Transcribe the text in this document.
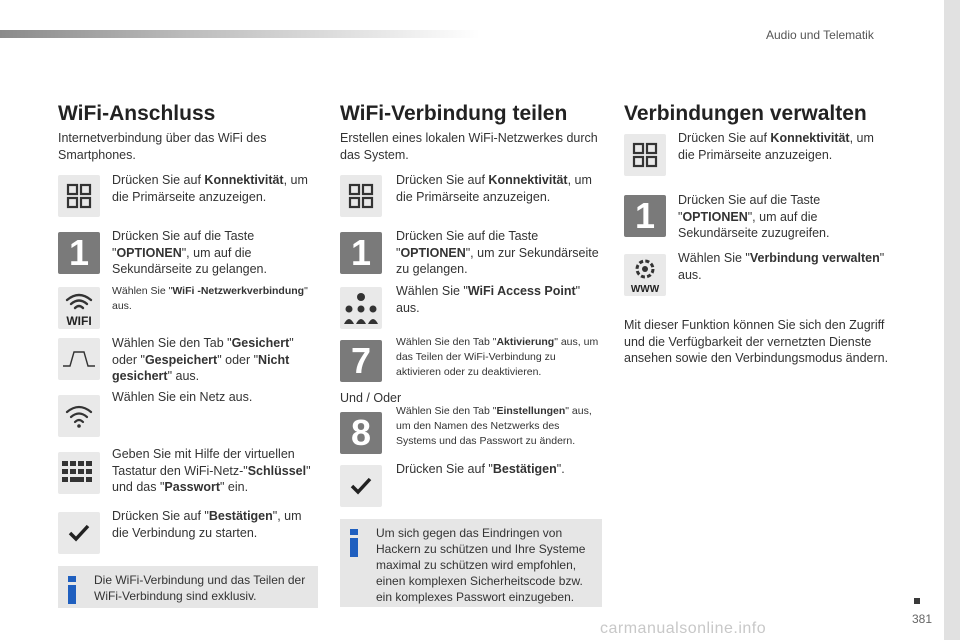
Audio und Telematik
381
carmanualsonline.info
WiFi-Anschluss
Internetverbindung über das WiFi des Smartphones.
Drücken Sie auf Konnektivität, um die Primärseite anzuzeigen.
1	Drücken Sie auf die Taste "OPTIONEN", um auf die Sekundärseite zu gelangen.
WIFI
Wählen Sie "WiFi -Netzwerkverbindung" aus.
Wählen Sie den Tab "Gesichert" oder "Gespeichert" oder "Nicht gesichert" aus.
Wählen Sie ein Netz aus.
Geben Sie mit Hilfe der virtuellen Tastatur den WiFi-Netz-"Schlüssel" und das "Passwort" ein.
Drücken Sie auf "Bestätigen", um die Verbindung zu starten.
Die WiFi-Verbindung und das Teilen der WiFi-Verbindung sind exklusiv.
WiFi-Verbindung teilen
Erstellen eines lokalen WiFi-Netzwerkes durch das System.
Drücken Sie auf Konnektivität, um die Primärseite anzuzeigen.
1	Drücken Sie auf die Taste "OPTIONEN", um zur Sekundärseite zu gelangen.
Wählen Sie "WiFi Access Point" aus.
7	Wählen Sie den Tab "Aktivierung" aus, um das Teilen der WiFi-Verbindung zu aktivieren oder zu deaktivieren.
Und / Oder
8
Wählen Sie den Tab "Einstellungen" aus, um den Namen des Netzwerks des Systems und das Passwort zu ändern.
Drücken Sie auf "Bestätigen".
Um sich gegen das Eindringen von Hackern zu schützen und Ihre Systeme maximal zu schützen wird empfohlen, einen komplexen Sicherheitscode bzw. ein komplexes Passwort einzugeben.
Verbindungen verwalten
Drücken Sie auf Konnektivität, um die Primärseite anzuzeigen.
1	Drücken Sie auf die Taste "OPTIONEN", um auf die Sekundärseite zuzugreifen.
WWW
Wählen Sie "Verbindung verwalten" aus.
Mit dieser Funktion können Sie sich den Zugriff und die Verfügbarkeit der vernetzten Dienste ansehen sowie den Verbindungsmodus ändern.
